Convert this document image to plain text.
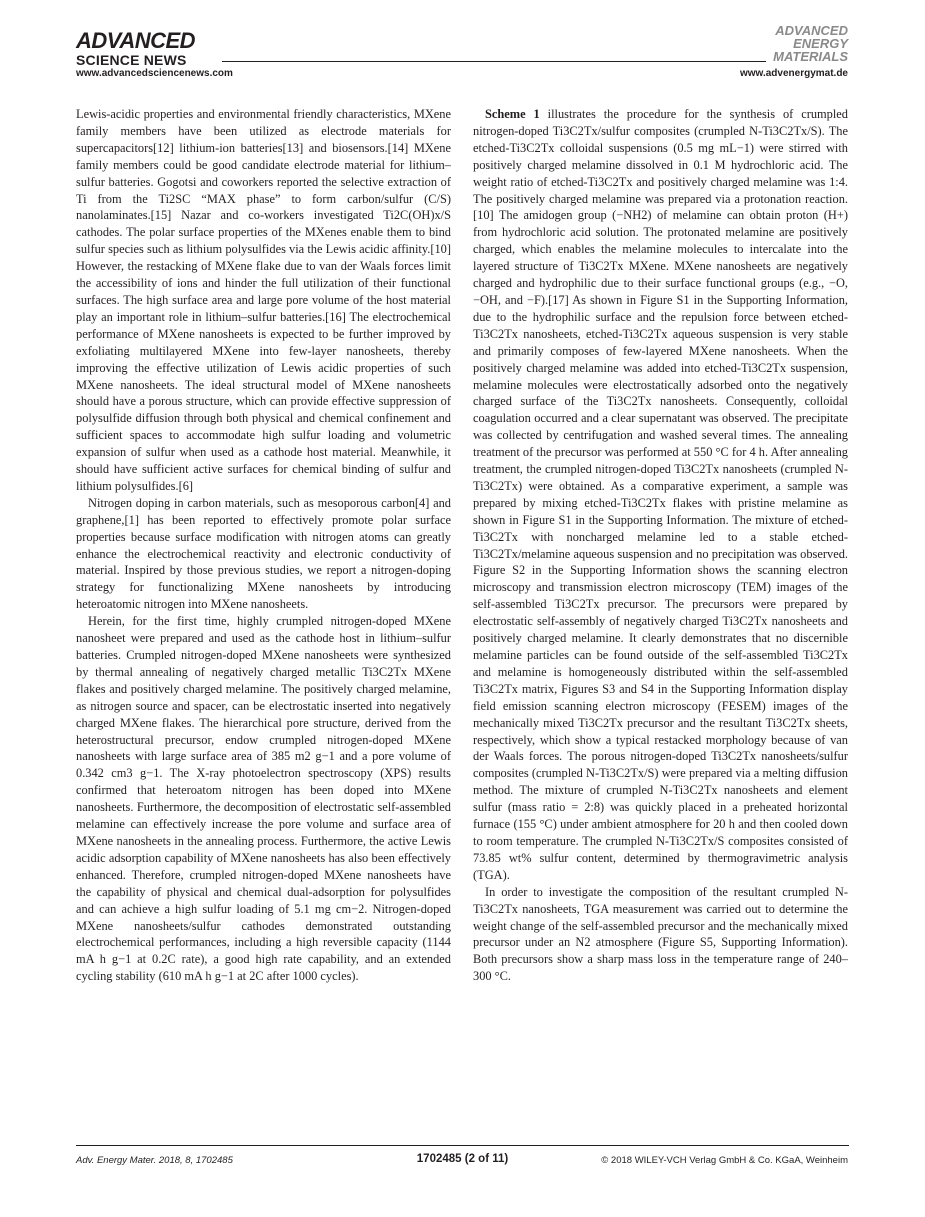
ADVANCED
SCIENCE NEWS
ADVANCED
ENERGY
MATERIALS
www.advancedsciencenews.com	www.advenergymat.de

Lewis-acidic properties and environmental friendly characteristics, MXene family members have been utilized as electrode materials for supercapacitors[12] lithium-ion batteries[13] and biosensors.[14] MXene family members could be good candidate electrode material for lithium–sulfur batteries. Gogotsi and coworkers reported the selective extraction of Ti from the Ti2SC “MAX phase” to form carbon/sulfur (C/S) nanolaminates.[15] Nazar and co-workers investigated Ti2C(OH)x/S cathodes. The polar surface properties of the MXenes enable them to bind sulfur species such as lithium polysulfides via the Lewis acidic affinity.[10] However, the restacking of MXene flake due to van der Waals forces limit the accessibility of ions and hinder the full utilization of their functional surfaces. The high surface area and large pore volume of the host material play an important role in lithium–sulfur batteries.[16] The electrochemical performance of MXene nanosheets is expected to be further improved by exfoliating multilayered MXene into few-layer nanosheets, thereby improving the effective utilization of Lewis acidic properties of such MXene nanosheets. The ideal structural model of MXene nanosheets should have a porous structure, which can provide effective suppression of polysulfide diffusion through both physical and chemical confinement and sufficient spaces to accommodate high sulfur loading and volumetric expansion of sulfur when used as a cathode host material. Meanwhile, it should have sufficient active surfaces for chemical binding of sulfur and lithium polysulfides.[6]

Nitrogen doping in carbon materials, such as mesoporous carbon[4] and graphene,[1] has been reported to effectively promote polar surface properties because surface modification with nitrogen atoms can greatly enhance the electrochemical reactivity and electronic conductivity of material. Inspired by those previous studies, we report a nitrogen-doping strategy for functionalizing MXene nanosheets by introducing heteroatomic nitrogen into MXene nanosheets.

Herein, for the first time, highly crumpled nitrogen-doped MXene nanosheet were prepared and used as the cathode host in lithium–sulfur batteries. Crumpled nitrogen-doped MXene nanosheets were synthesized by thermal annealing of negatively charged metallic Ti3C2Tx MXene flakes and positively charged melamine. The positively charged melamine, as nitrogen source and spacer, can be electrostatic inserted into negatively charged MXene flakes. The hierarchical pore structure, derived from the heterostructural precursor, endow crumpled nitrogen-doped MXene nanosheets with large surface area of 385 m2 g−1 and a pore volume of 0.342 cm3 g−1. The X-ray photoelectron spectroscopy (XPS) results confirmed that heteroatom nitrogen has been doped into MXene nanosheets. Furthermore, the decomposition of electrostatic self-assembled melamine can effectively increase the pore volume and surface area of MXene nanosheets in the annealing process. Furthermore, the active Lewis acidic adsorption capability of MXene nanosheets has also been effectively enhanced. Therefore, crumpled nitrogen-doped MXene nanosheets have the capability of physical and chemical dual-adsorption for polysulfides and can achieve a high sulfur loading of 5.1 mg cm−2. Nitrogen-doped MXene nanosheets/sulfur cathodes demonstrated outstanding electrochemical performances, including a high reversible capacity (1144 mA h g−1 at 0.2C rate), a good high rate capability, and an extended cycling stability (610 mA h g−1 at 2C after 1000 cycles).

Scheme 1 illustrates the procedure for the synthesis of crumpled nitrogen-doped Ti3C2Tx/sulfur composites (crumpled N-Ti3C2Tx/S). The etched-Ti3C2Tx colloidal suspensions (0.5 mg mL−1) were stirred with positively charged melamine dissolved in 0.1 M hydrochloric acid. The weight ratio of etched-Ti3C2Tx and positively charged melamine was 1:4. The positively charged melamine was prepared via a protonation reaction.[10] The amidogen group (−NH2) of melamine can obtain proton (H+) from hydrochloric acid solution. The protonated melamine are positively charged, which enables the melamine molecules to intercalate into the layered structure of Ti3C2Tx MXene. MXene nanosheets are negatively charged and hydrophilic due to their surface functional groups (e.g., −O, −OH, and −F).[17] As shown in Figure S1 in the Supporting Information, due to the hydrophilic surface and the repulsion force between etched-Ti3C2Tx nanosheets, etched-Ti3C2Tx aqueous suspension is very stable and primarily composes of few-layered MXene nanosheets. When the positively charged melamine was added into etched-Ti3C2Tx suspension, melamine molecules were electrostatically adsorbed onto the negatively charged surface of the Ti3C2Tx nanosheets. Consequently, colloidal coagulation occurred and a clear supernatant was observed. The precipitate was collected by centrifugation and washed several times. The annealing treatment of the precursor was performed at 550 °C for 4 h. After annealing treatment, the crumpled nitrogen-doped Ti3C2Tx nanosheets (crumpled N-Ti3C2Tx) were obtained. As a comparative experiment, a sample was prepared by mixing etched-Ti3C2Tx flakes with pristine melamine as shown in Figure S1 in the Supporting Information. The mixture of etched-Ti3C2Tx with noncharged melamine led to a stable etched-Ti3C2Tx/melamine aqueous suspension and no precipitation was observed. Figure S2 in the Supporting Information shows the scanning electron microscopy and transmission electron microscopy (TEM) images of the self-assembled Ti3C2Tx precursor. The precursors were prepared by electrostatic self-assembly of negatively charged Ti3C2Tx nanosheets and positively charged melamine. It clearly demonstrates that no discernible melamine particles can be found outside of the self-assembled Ti3C2Tx and melamine is homogeneously distributed within the self-assembled Ti3C2Tx matrix, Figures S3 and S4 in the Supporting Information display field emission scanning electron microscopy (FESEM) images of the mechanically mixed Ti3C2Tx precursor and the resultant Ti3C2Tx sheets, respectively, which show a typical restacked morphology because of van der Waals forces. The porous nitrogen-doped Ti3C2Tx nanosheets/sulfur composites (crumpled N-Ti3C2Tx/S) were prepared via a melting diffusion method. The mixture of crumpled N-Ti3C2Tx nanosheets and element sulfur (mass ratio = 2:8) was quickly placed in a preheated horizontal furnace (155 °C) under ambient atmosphere for 20 h and then cooled down to room temperature. The crumpled N-Ti3C2Tx/S composites consisted of 73.85 wt% sulfur content, determined by thermogravimetric analysis (TGA).

In order to investigate the composition of the resultant crumpled N-Ti3C2Tx nanosheets, TGA measurement was carried out to determine the weight change of the self-assembled precursor and the mechanically mixed precursor under an N2 atmosphere (Figure S5, Supporting Information). Both precursors show a sharp mass loss in the temperature range of 240–300 °C.

Adv. Energy Mater. 2018, 8, 1702485	1702485 (2 of 11)	© 2018 WILEY-VCH Verlag GmbH & Co. KGaA, Weinheim
